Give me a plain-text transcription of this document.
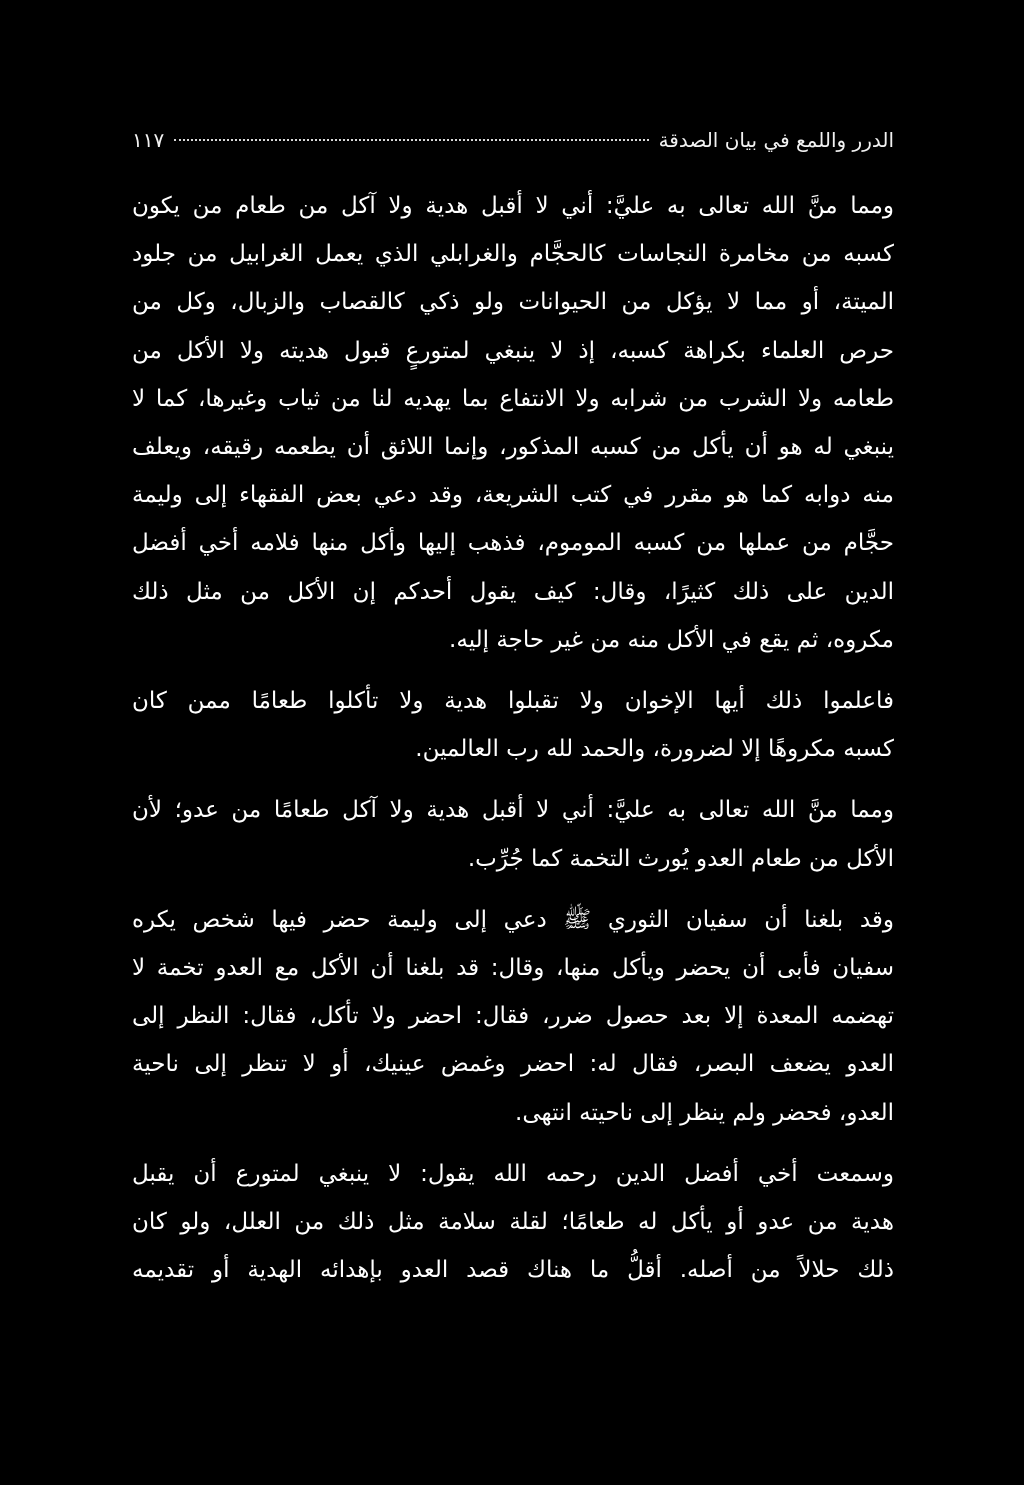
الدرر واللمع في بيان الصدقة
١١٧
ومما منَّ الله تعالى به عليَّ: أني لا أقبل هدية ولا آكل من طعام من يكون
كسبه من مخامرة النجاسات كالحجَّام والغرابلي الذي يعمل الغرابيل من جلود
الميتة، أو مما لا يؤكل من الحيوانات ولو ذكي كالقصاب والزبال، وكل من
حرص العلماء بكراهة كسبه، إذ لا ينبغي لمتورعٍ قبول هديته ولا الأكل من
طعامه ولا الشرب من شرابه ولا الانتفاع بما يهديه لنا من ثياب وغيرها، كما لا
ينبغي له هو أن يأكل من كسبه المذكور، وإنما اللائق أن يطعمه رقيقه، ويعلف
منه دوابه كما هو مقرر في كتب الشريعة، وقد دعي بعض الفقهاء إلى وليمة
حجَّام من عملها من كسبه الموموم، فذهب إليها وأكل منها فلامه أخي أفضل
الدين على ذلك كثيرًا، وقال: كيف يقول أحدكم إن الأكل من مثل ذلك
مكروه، ثم يقع في الأكل منه من غير حاجة إليه.
فاعلموا ذلك أيها الإخوان ولا تقبلوا هدية ولا تأكلوا طعامًا ممن كان
كسبه مكروهًا إلا لضرورة، والحمد لله رب العالمين.
ومما منَّ الله تعالى به عليَّ: أني لا أقبل هدية ولا آكل طعامًا من عدو؛ لأن
الأكل من طعام العدو يُورث التخمة كما جُرِّب.
وقد بلغنا أن سفيان الثوري ﷺ دعي إلى وليمة حضر فيها شخص يكره
سفيان فأبى أن يحضر ويأكل منها، وقال: قد بلغنا أن الأكل مع العدو تخمة لا
تهضمه المعدة إلا بعد حصول ضرر، فقال: احضر ولا تأكل، فقال: النظر إلى
العدو يضعف البصر، فقال له: احضر وغمض عينيك، أو لا تنظر إلى ناحية
العدو، فحضر ولم ينظر إلى ناحيته انتهى.
وسمعت أخي أفضل الدين رحمه الله يقول: لا ينبغي لمتورع أن يقبل
هدية من عدو أو يأكل له طعامًا؛ لقلة سلامة مثل ذلك من العلل، ولو كان
ذلك حلالاً من أصله. أقلُّ ما هناك قصد العدو بإهدائه الهدية أو تقديمه
